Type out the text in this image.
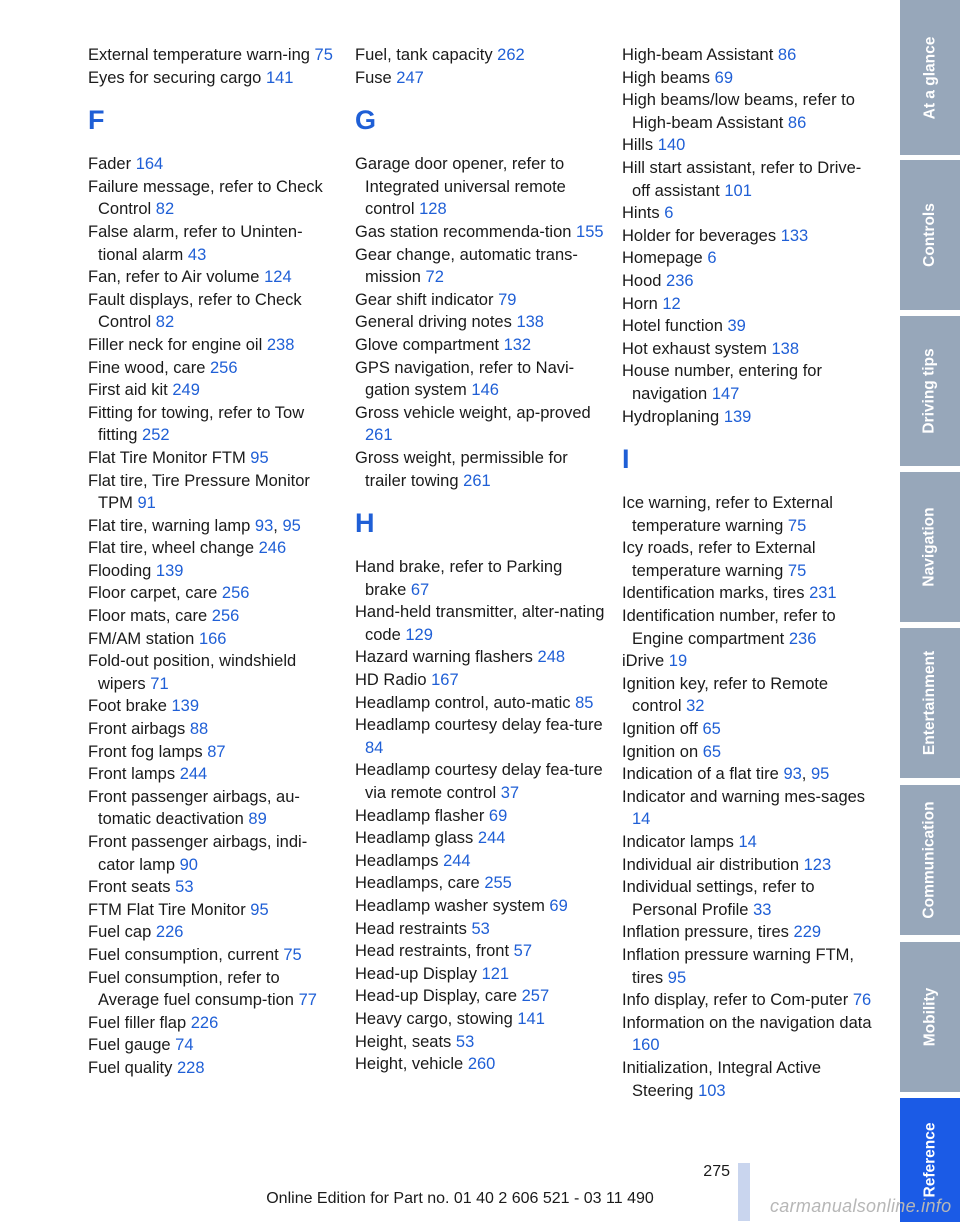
External temperature warn-ing 75
Eyes for securing cargo 141
F
Fader 164
Failure message, refer to Check Control 82
False alarm, refer to Uninten-tional alarm 43
Fan, refer to Air volume 124
Fault displays, refer to Check Control 82
Filler neck for engine oil 238
Fine wood, care 256
First aid kit 249
Fitting for towing, refer to Tow fitting 252
Flat Tire Monitor FTM 95
Flat tire, Tire Pressure Monitor TPM 91
Flat tire, warning lamp 93, 95
Flat tire, wheel change 246
Flooding 139
Floor carpet, care 256
Floor mats, care 256
FM/AM station 166
Fold-out position, windshield wipers 71
Foot brake 139
Front airbags 88
Front fog lamps 87
Front lamps 244
Front passenger airbags, au-tomatic deactivation 89
Front passenger airbags, indi-cator lamp 90
Front seats 53
FTM Flat Tire Monitor 95
Fuel cap 226
Fuel consumption, current 75
Fuel consumption, refer to Average fuel consump-tion 77
Fuel filler flap 226
Fuel gauge 74
Fuel quality 228
Fuel, tank capacity 262
Fuse 247
G
Garage door opener, refer to Integrated universal remote control 128
Gas station recommenda-tion 155
Gear change, automatic trans-mission 72
Gear shift indicator 79
General driving notes 138
Glove compartment 132
GPS navigation, refer to Navi-gation system 146
Gross vehicle weight, ap-proved 261
Gross weight, permissible for trailer towing 261
H
Hand brake, refer to Parking brake 67
Hand-held transmitter, alter-nating code 129
Hazard warning flashers 248
HD Radio 167
Headlamp control, auto-matic 85
Headlamp courtesy delay fea-ture 84
Headlamp courtesy delay fea-ture via remote control 37
Headlamp flasher 69
Headlamp glass 244
Headlamps 244
Headlamps, care 255
Headlamp washer system 69
Head restraints 53
Head restraints, front 57
Head-up Display 121
Head-up Display, care 257
Heavy cargo, stowing 141
Height, seats 53
Height, vehicle 260
High-beam Assistant 86
High beams 69
High beams/low beams, refer to High-beam Assistant 86
Hills 140
Hill start assistant, refer to Drive-off assistant 101
Hints 6
Holder for beverages 133
Homepage 6
Hood 236
Horn 12
Hotel function 39
Hot exhaust system 138
House number, entering for navigation 147
Hydroplaning 139
I
Ice warning, refer to External temperature warning 75
Icy roads, refer to External temperature warning 75
Identification marks, tires 231
Identification number, refer to Engine compartment 236
iDrive 19
Ignition key, refer to Remote control 32
Ignition off 65
Ignition on 65
Indication of a flat tire 93, 95
Indicator and warning mes-sages 14
Indicator lamps 14
Individual air distribution 123
Individual settings, refer to Personal Profile 33
Inflation pressure, tires 229
Inflation pressure warning FTM, tires 95
Info display, refer to Com-puter 76
Information on the navigation data 160
Initialization, Integral Active Steering 103
At a glance
Controls
Driving tips
Navigation
Entertainment
Communication
Mobility
Reference
275
Online Edition for Part no. 01 40 2 606 521 - 03 11 490	carmanualsonline.info
